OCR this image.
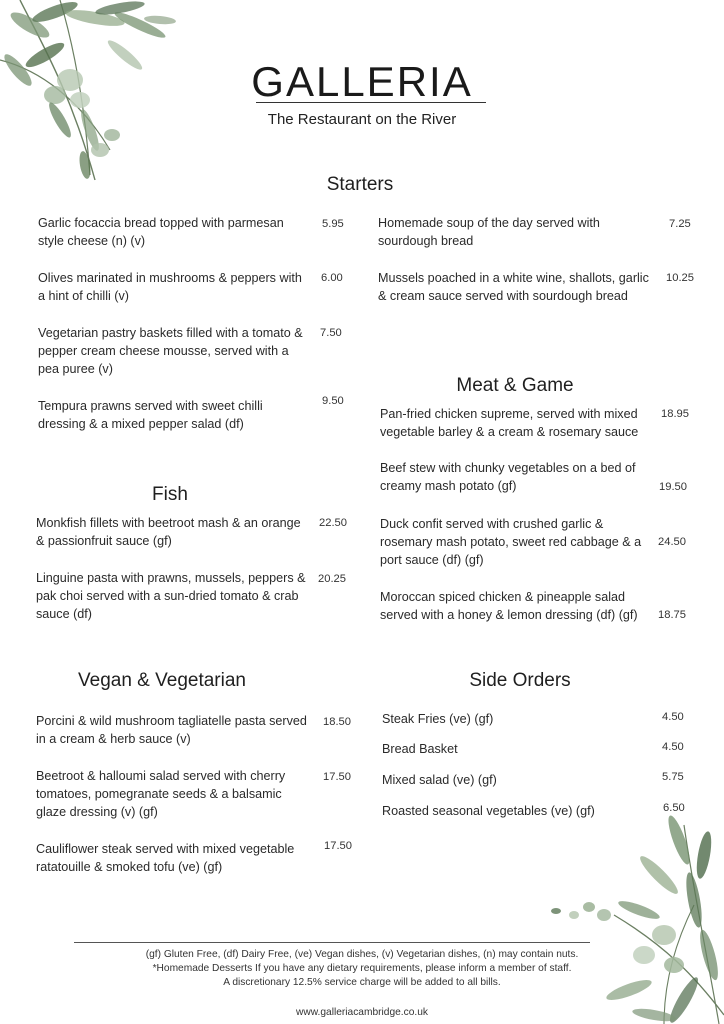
GALLERIA
The Restaurant on the River
Starters
Garlic focaccia bread topped with parmesan style cheese (n) (v)
5.95
Olives marinated in mushrooms & peppers with a hint of chilli (v)
6.00
Vegetarian pastry baskets filled with a tomato & pepper cream cheese mousse, served with a pea puree (v)
7.50
Tempura prawns served with sweet chilli dressing & a mixed pepper salad (df)
9.50
Homemade soup of the day served with sourdough bread
7.25
Mussels poached in a white wine, shallots, garlic & cream sauce served with sourdough bread
10.25
Meat & Game
Pan-fried chicken supreme, served with mixed vegetable barley & a cream & rosemary sauce
18.95
Beef stew with chunky vegetables on a bed of creamy mash potato (gf)	19.50
Duck confit served with crushed garlic & rosemary mash potato, sweet red cabbage & a port sauce (df) (gf)
24.50
Moroccan spiced chicken & pineapple salad served with a honey & lemon dressing (df) (gf)	18.75
Fish
Monkfish fillets with beetroot mash & an orange & passionfruit sauce (gf)
22.50
Linguine pasta with prawns, mussels, peppers & pak choi served with a sun-dried tomato & crab sauce (df)
20.25
Vegan & Vegetarian
Porcini & wild mushroom tagliatelle pasta served in a cream & herb sauce (v)
18.50
Beetroot & halloumi salad served with cherry tomatoes, pomegranate seeds & a balsamic glaze dressing (v) (gf)
17.50
Cauliflower steak served with mixed vegetable ratatouille & smoked tofu (ve) (gf)
17.50
Side Orders
Steak Fries (ve) (gf)	4.50
Bread Basket	4.50
Mixed salad (ve) (gf)	5.75
Roasted seasonal vegetables (ve) (gf)	6.50
(gf) Gluten Free, (df) Dairy Free, (ve) Vegan dishes, (v) Vegetarian dishes, (n) may contain nuts.
*Homemade Desserts If you have any dietary requirements, please inform a member of staff.
A discretionary 12.5% service charge will be added to all bills.
www.galleriacambridge.co.uk
